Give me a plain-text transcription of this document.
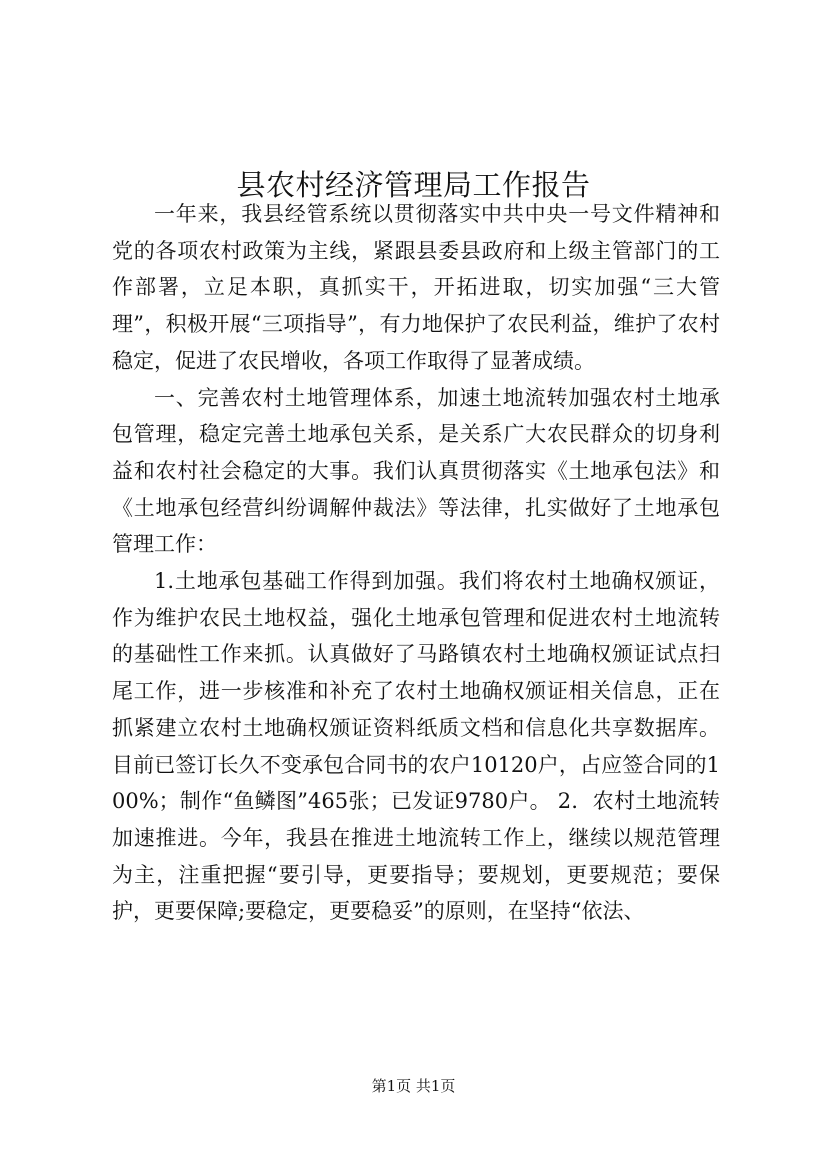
县农村经济管理局工作报告

一年来，我县经管系统以贯彻落实中共中央一号文件精神和党的各项农村政策为主线，紧跟县委县政府和上级主管部门的工作部署，立足本职，真抓实干，开拓进取，切实加强“三大管理”，积极开展“三项指导”，有力地保护了农民利益，维护了农村稳定，促进了农民增收，各项工作取得了显著成绩。

一、完善农村土地管理体系，加速土地流转加强农村土地承包管理，稳定完善土地承包关系，是关系广大农民群众的切身利益和农村社会稳定的大事。我们认真贯彻落实《土地承包法》和《土地承包经营纠纷调解仲裁法》等法律，扎实做好了土地承包管理工作：

1.土地承包基础工作得到加强。我们将农村土地确权颁证，作为维护农民土地权益，强化土地承包管理和促进农村土地流转的基础性工作来抓。认真做好了马路镇农村土地确权颁证试点扫尾工作，进一步核准和补充了农村土地确权颁证相关信息，正在抓紧建立农村土地确权颁证资料纸质文档和信息化共享数据库。目前已签订长久不变承包合同书的农户10120户，占应签合同的100%；制作“鱼鳞图”465张；已发证9780户。 2．农村土地流转加速推进。今年，我县在推进土地流转工作上，继续以规范管理为主，注重把握“要引导，更要指导；要规划，更要规范；要保护，更要保障;要稳定，更要稳妥”的原则，在坚持“依法、

第1页 共1页
